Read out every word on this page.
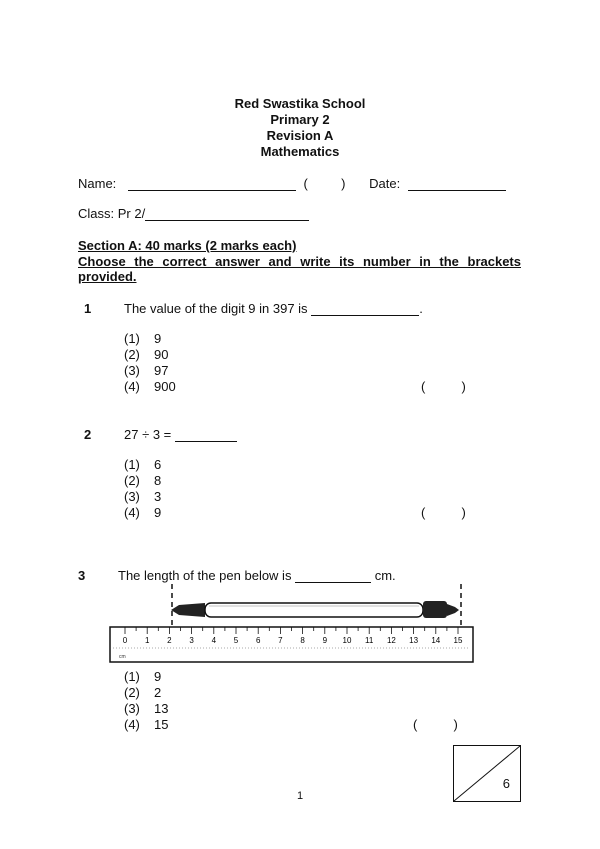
Red Swastika School
Primary 2
Revision A
Mathematics
Name:	(	) Date:
Class: Pr 2/
Section A: 40 marks (2 marks each)
Choose the correct answer and write its number in the brackets provided.
1	The value of the digit 9 in 397 is	.
(1) 9
(2) 90
(3) 97
(4) 900	(          )
2	27 ÷ 3 =
(1) 6
(2) 8
(3) 3
(4) 9	(          )
3	The length of the pen below is	cm.
0 1 2 3 4 5 6 7 8 9 10 11 12 13 14 15
cm
(1) 9
(2) 2
(3) 13
(4) 15	(          )
6
1
